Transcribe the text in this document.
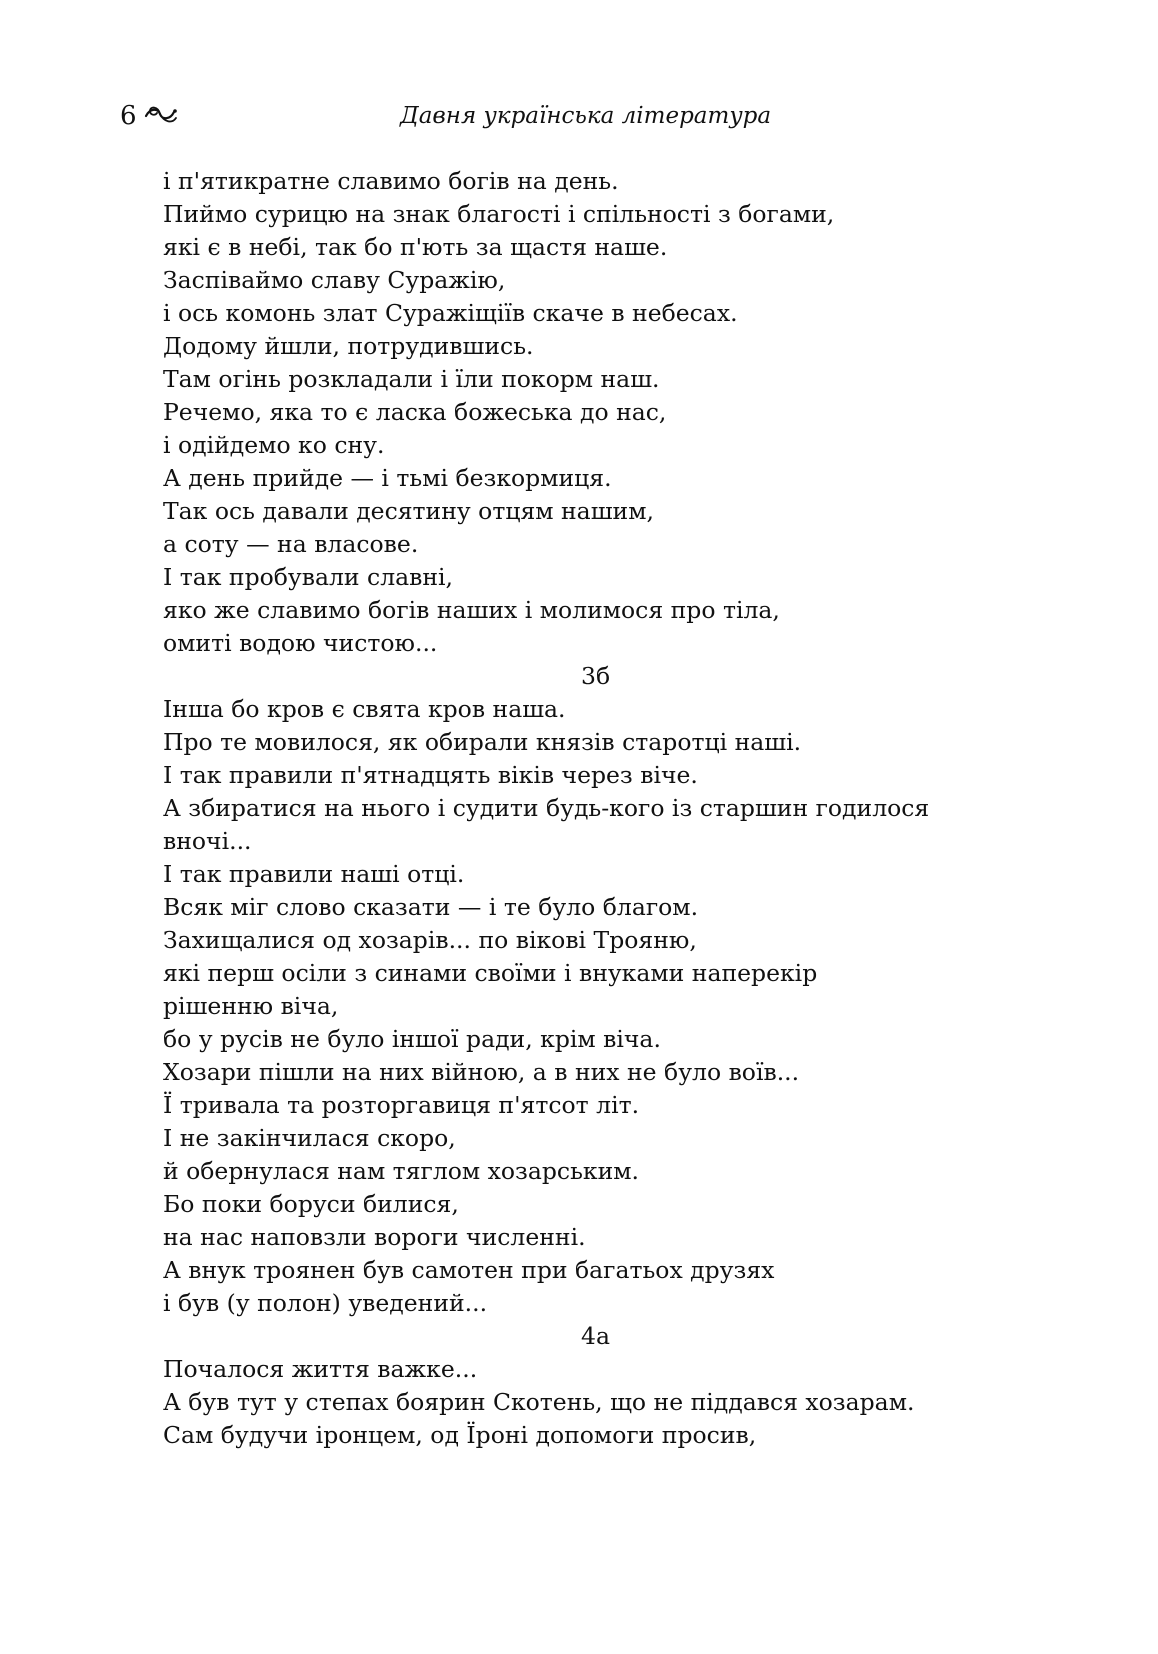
6	Давня українська література
і п'ятикратне славимо богів на день.
Пиймо сурицю на знак благості і спільності з богами,
які є в небі, так бо п'ють за щастя наше.
Заспіваймо славу Суражію,
і ось комонь злат Суражіщіїв скаче в небесах.
Додому йшли, потрудившись.
Там огінь розкладали і їли покорм наш.
Речемо, яка то є ласка божеська до нас,
і одійдемо ко сну.
А день прийде — і тьмі безкормиця.
Так ось давали десятину отцям нашим,
а соту — на власове.
І так пробували славні,
яко же славимо богів наших і молимося про тіла,
омиті водою чистою...
3б
Інша бо кров є свята кров наша.
Про те мовилося, як обирали князів старотці наші.
І так правили п'ятнадцять віків через віче.
А збиратися на нього і судити будь-кого із старшин годилося
вночі...
І так правили наші отці.
Всяк міг слово сказати — і те було благом.
Захищалися од хозарів... по вікові Трояню,
які перш осіли з синами своїми і внуками наперекір
рішенню віча,
бо у русів не було іншої ради, крім віча.
Хозари пішли на них війною, а в них не було воїв...
Ї тривала та розторгавиця п'ятсот літ.
І не закінчилася скоро,
й обернулася нам тяглом хозарським.
Бо поки боруси билися,
на нас наповзли вороги численні.
А внук троянен був самотен при багатьох друзях
і був (у полон) уведений...
4а
Почалося життя важке...
А був тут у степах боярин Скотень, що не піддався хозарам.
Сам будучи іронцем, од Їроні допомоги просив,
